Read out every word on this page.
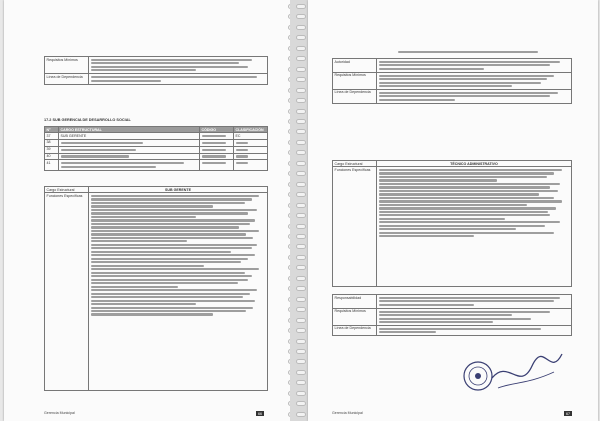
Requisitos Mínimos	

Línea de Dependencia	
17.2 SUB GERENCIA DE DESARROLLO SOCIAL
N°	CARGO ESTRUCTURAL	CÓDIGO	CLASIFICACIÓN
37	SUB GERENTE		EC
38	

39	

40	

41	

Cargo Estructural	SUB GERENTE
Funciones Específicas	
Gerencia Municipal	66
Autoridad	

Requisitos Mínimos	

Línea de Dependencia	
Cargo Estructural	TÉCNICO ADMINISTRATIVO
Funciones Específicas	
Responsabilidad	

Requisitos Mínimos	

Línea de Dependencia	
Gerencia Municipal	67
